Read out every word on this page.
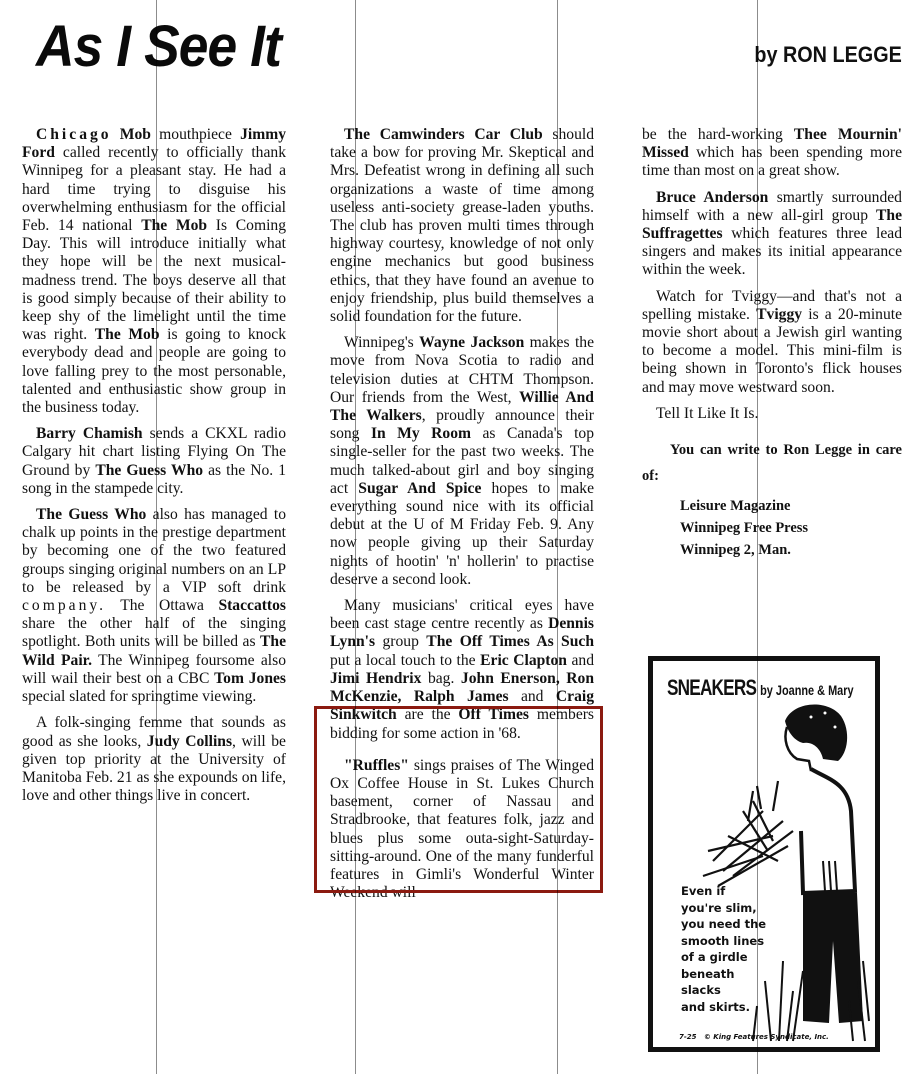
As I See It	by RON LEGGE

Chicago Mob mouthpiece Jimmy Ford called recently to officially thank Winnipeg for a pleasant stay. He had a hard time trying to disguise his overwhelming enthusiasm for the official Feb. 14 national The Mob Is Coming Day. This will introduce initially what they hope will be the next musical-madness trend. The boys deserve all that is good simply because of their ability to keep shy of the limelight until the time was right. The Mob is going to knock everybody dead and people are going to love falling prey to the most personable, talented and enthusiastic show group in the business today.

Barry Chamish sends a CKXL radio Calgary hit chart listing Flying On The Ground by The Guess Who as the No. 1 song in the stampede city.

The Guess Who also has managed to chalk up points in the prestige department by becoming one of the two featured groups singing original numbers on an LP to be released by a VIP soft drink company. The Ottawa Staccattos share the other half of the singing spotlight. Both units will be billed as The Wild Pair. The Winnipeg foursome also will wail their best on a CBC Tom Jones special slated for springtime viewing.

A folk-singing femme that sounds as good as she looks, Judy Collins, will be given top priority at the University of Manitoba Feb. 21 as she expounds on life, love and other things live in concert.

The Camwinders Car Club should take a bow for proving Mr. Skeptical and Mrs. Defeatist wrong in defining all such organizations a waste of time among useless anti-society grease-laden youths. The club has proven multi times through highway courtesy, knowledge of not only engine mechanics but good business ethics, that they have found an avenue to enjoy friendship, plus build themselves a solid foundation for the future.

Winnipeg's Wayne Jackson makes the move from Nova Scotia to radio and television duties at CHTM Thompson. Our friends from the West, Willie And The Walkers, proudly announce their song In My Room as Canada's top single-seller for the past two weeks. The much talked-about girl and boy singing act Sugar And Spice hopes to make everything sound nice with its official debut at the U of M Friday Feb. 9. Any now people giving up their Saturday nights of hootin' 'n' hollerin' to practise deserve a second look.

Many musicians' critical eyes have been cast stage centre recently as Dennis Lynn's group The Off Times As Such put a local touch to the Eric Clapton and Jimi Hendrix bag. John Enerson, Ron McKenzie, Ralph James and Craig Sinkwitch are the Off Times members bidding for some action in '68.

"Ruffles" sings praises of The Winged Ox Coffee House in St. Lukes Church basement, corner of Nassau and Stradbrooke, that features folk, jazz and blues plus some outa-sight-Saturday-sitting-around. One of the many funderful features in Gimli's Wonderful Winter Weekend will

be the hard-working Thee Mournin' Missed which has been spending more time than most on a great show.

Bruce Anderson smartly surrounded himself with a new all-girl group The Suffragettes which features three lead singers and makes its initial appearance within the week.

Watch for Tviggy—and that's not a spelling mistake. Tviggy is a 20-minute movie short about a Jewish girl wanting to become a model. This mini-film is being shown in Toronto's flick houses and may move westward soon.

Tell It Like It Is.

You can write to Ron Legge in care of:
Leisure Magazine
Winnipeg Free Press
Winnipeg 2, Man.
SNEAKERS by Joanne & Mary
Even if
you're slim,
you need the
smooth lines
of a girdle
beneath
slacks
and skirts.
7-25 © King Features Syndicate, Inc.
